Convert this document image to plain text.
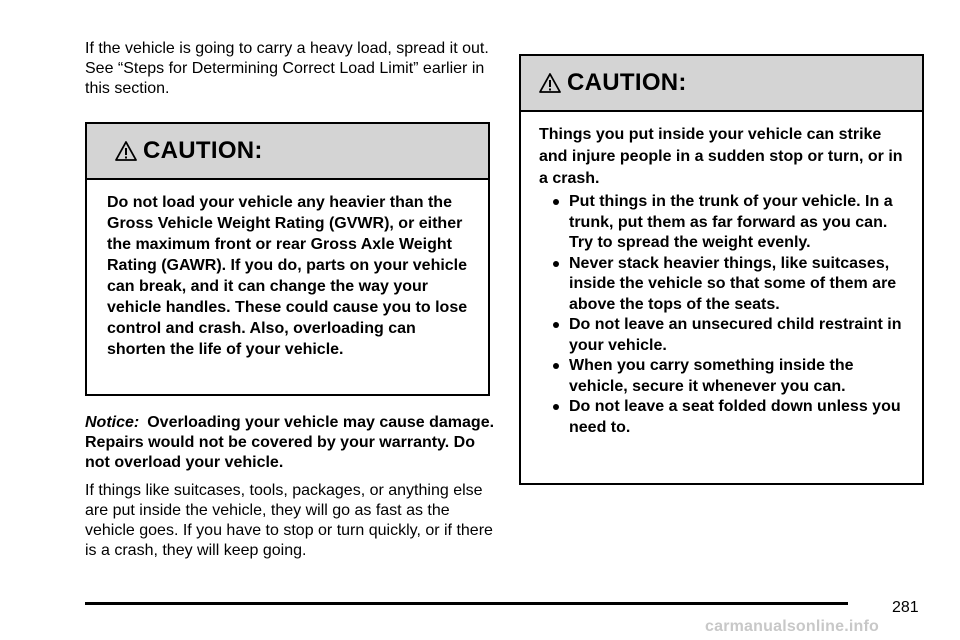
If the vehicle is going to carry a heavy load, spread it out. See “Steps for Determining Correct Load Limit” earlier in this section.
CAUTION:
Do not load your vehicle any heavier than the Gross Vehicle Weight Rating (GVWR), or either the maximum front or rear Gross Axle Weight Rating (GAWR). If you do, parts on your vehicle can break, and it can change the way your vehicle handles. These could cause you to lose control and crash. Also, overloading can shorten the life of your vehicle.
Notice: Overloading your vehicle may cause damage. Repairs would not be covered by your warranty. Do not overload your vehicle.
If things like suitcases, tools, packages, or anything else are put inside the vehicle, they will go as fast as the vehicle goes. If you have to stop or turn quickly, or if there is a crash, they will keep going.
CAUTION:

Things you put inside your vehicle can strike and injure people in a sudden stop or turn, or in a crash.

Put things in the trunk of your vehicle. In a trunk, put them as far forward as you can. Try to spread the weight evenly.
Never stack heavier things, like suitcases, inside the vehicle so that some of them are above the tops of the seats.
Do not leave an unsecured child restraint in your vehicle.
When you carry something inside the vehicle, secure it whenever you can.
Do not leave a seat folded down unless you need to.
281
carmanualsonline.info
